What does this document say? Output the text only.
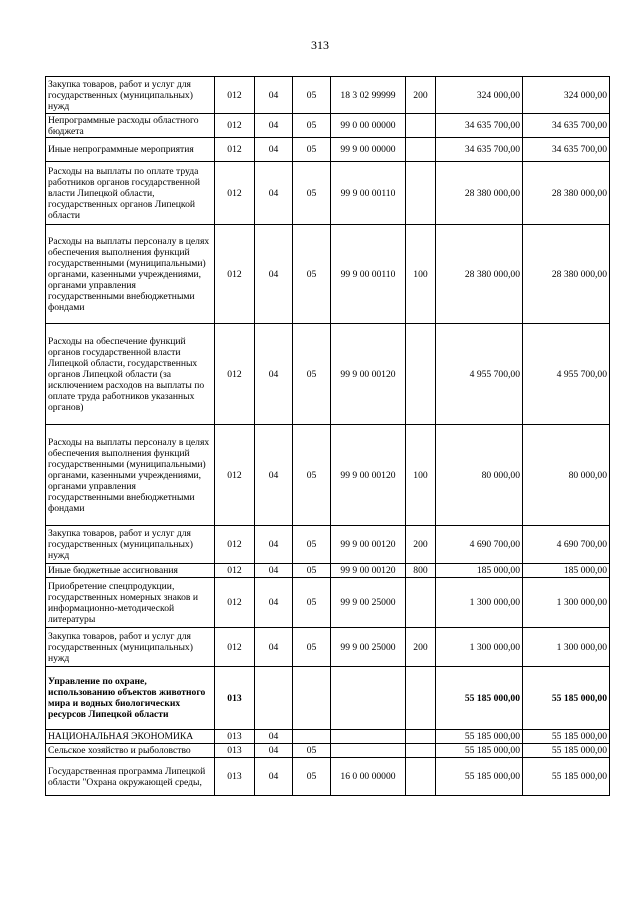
313
Закупка товаров, работ и услуг для государственных (муниципальных) нужд	012	04	05	18 3 02 99999	200	324 000,00	324 000,00
Непрограммные расходы областного бюджета	012	04	05	99 0 00 00000		34 635 700,00	34 635 700,00
Иные непрограммные мероприятия	012	04	05	99 9 00 00000		34 635 700,00	34 635 700,00
Расходы на выплаты по оплате труда работников органов государственной власти Липецкой области, государственных органов Липецкой области	012	04	05	99 9 00 00110		28 380 000,00	28 380 000,00
Расходы на выплаты персоналу в целях обеспечения выполнения функций государственными (муниципальными) органами, казенными учреждениями, органами управления государственными внебюджетными фондами	012	04	05	99 9 00 00110	100	28 380 000,00	28 380 000,00
Расходы на обеспечение функций органов государственной власти Липецкой области, государственных органов Липецкой области (за исключением расходов на выплаты по оплате труда работников указанных органов)	012	04	05	99 9 00 00120		4 955 700,00	4 955 700,00
Расходы на выплаты персоналу в целях обеспечения выполнения функций государственными (муниципальными) органами, казенными учреждениями, органами управления государственными внебюджетными фондами	012	04	05	99 9 00 00120	100	80 000,00	80 000,00
Закупка товаров, работ и услуг для государственных (муниципальных) нужд	012	04	05	99 9 00 00120	200	4 690 700,00	4 690 700,00
Иные бюджетные ассигнования	012	04	05	99 9 00 00120	800	185 000,00	185 000,00
Приобретение спецпродукции, государственных номерных знаков и информационно-методической литературы	012	04	05	99 9 00 25000		1 300 000,00	1 300 000,00
Закупка товаров, работ и услуг для государственных (муниципальных) нужд	012	04	05	99 9 00 25000	200	1 300 000,00	1 300 000,00
Управление по охране, использованию объектов животного мира и водных биологических ресурсов Липецкой области	013					55 185 000,00	55 185 000,00
НАЦИОНАЛЬНАЯ ЭКОНОМИКА	013	04				55 185 000,00	55 185 000,00
Сельское хозяйство и рыболовство	013	04	05			55 185 000,00	55 185 000,00
Государственная программа Липецкой области "Охрана окружающей среды,	013	04	05	16 0 00 00000		55 185 000,00	55 185 000,00
